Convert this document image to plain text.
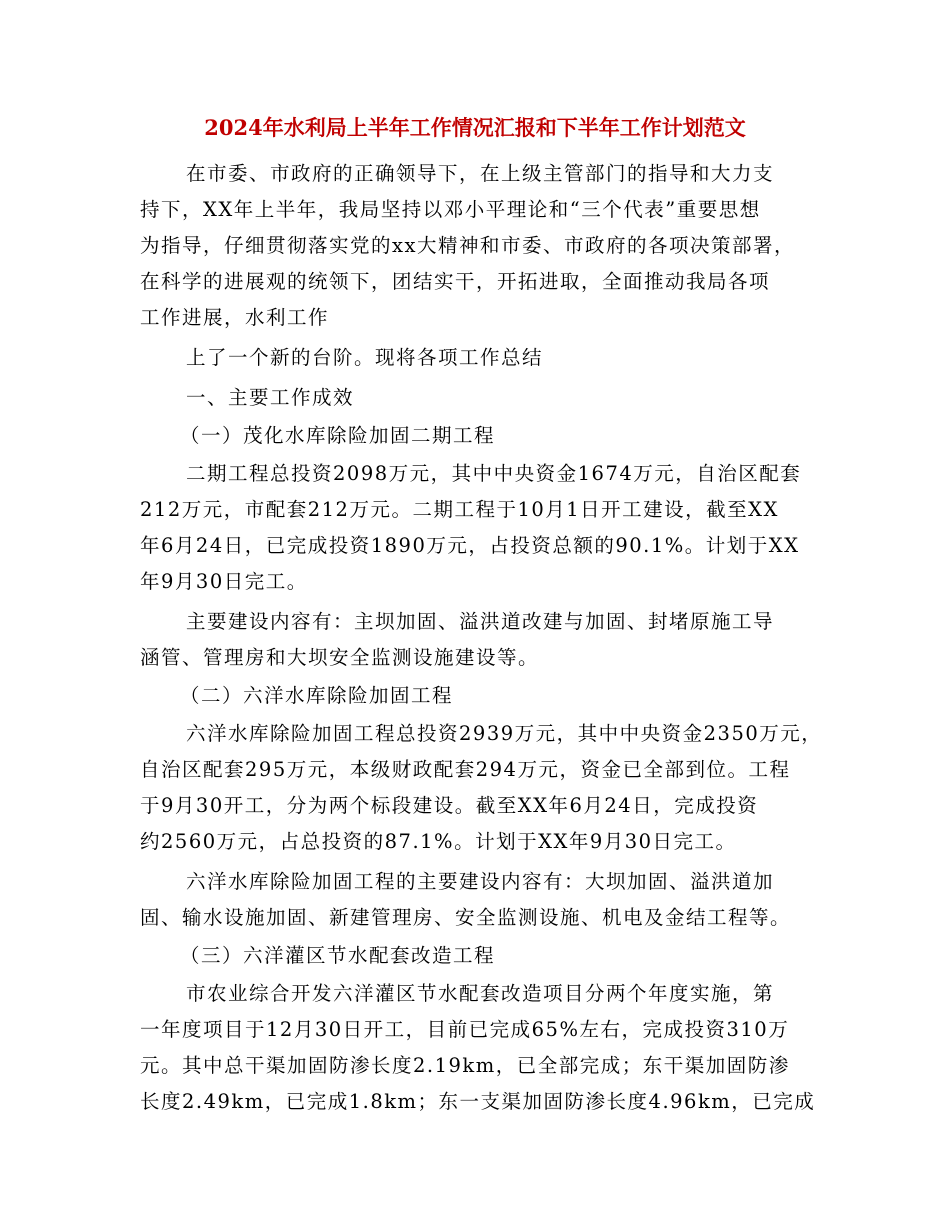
2024年水利局上半年工作情况汇报和下半年工作计划范文
在市委、市政府的正确领导下，在上级主管部门的指导和大力支
持下，XX年上半年，我局坚持以邓小平理论和“三个代表”重要思想
为指导，仔细贯彻落实党的xx大精神和市委、市政府的各项决策部署，
在科学的进展观的统领下，团结实干，开拓进取，全面推动我局各项
工作进展，水利工作
上了一个新的台阶。现将各项工作总结
一、主要工作成效
（一）茂化水库除险加固二期工程
二期工程总投资2098万元，其中中央资金1674万元，自治区配套
212万元，市配套212万元。二期工程于10月1日开工建设，截至XX
年6月24日，已完成投资1890万元，占投资总额的90.1%。计划于XX
年9月30日完工。
主要建设内容有：主坝加固、溢洪道改建与加固、封堵原施工导
涵管、管理房和大坝安全监测设施建设等。
（二）六洋水库除险加固工程
六洋水库除险加固工程总投资2939万元，其中中央资金2350万元，
自治区配套295万元，本级财政配套294万元，资金已全部到位。工程
于9月30开工，分为两个标段建设。截至XX年6月24日，完成投资
约2560万元，占总投资的87.1%。计划于XX年9月30日完工。
六洋水库除险加固工程的主要建设内容有：大坝加固、溢洪道加
固、输水设施加固、新建管理房、安全监测设施、机电及金结工程等。
（三）六洋灌区节水配套改造工程
市农业综合开发六洋灌区节水配套改造项目分两个年度实施，第
一年度项目于12月30日开工，目前已完成65%左右，完成投资310万
元。其中总干渠加固防渗长度2.19km，已全部完成；东干渠加固防渗
长度2.49km，已完成1.8km；东一支渠加固防渗长度4.96km，已完成
